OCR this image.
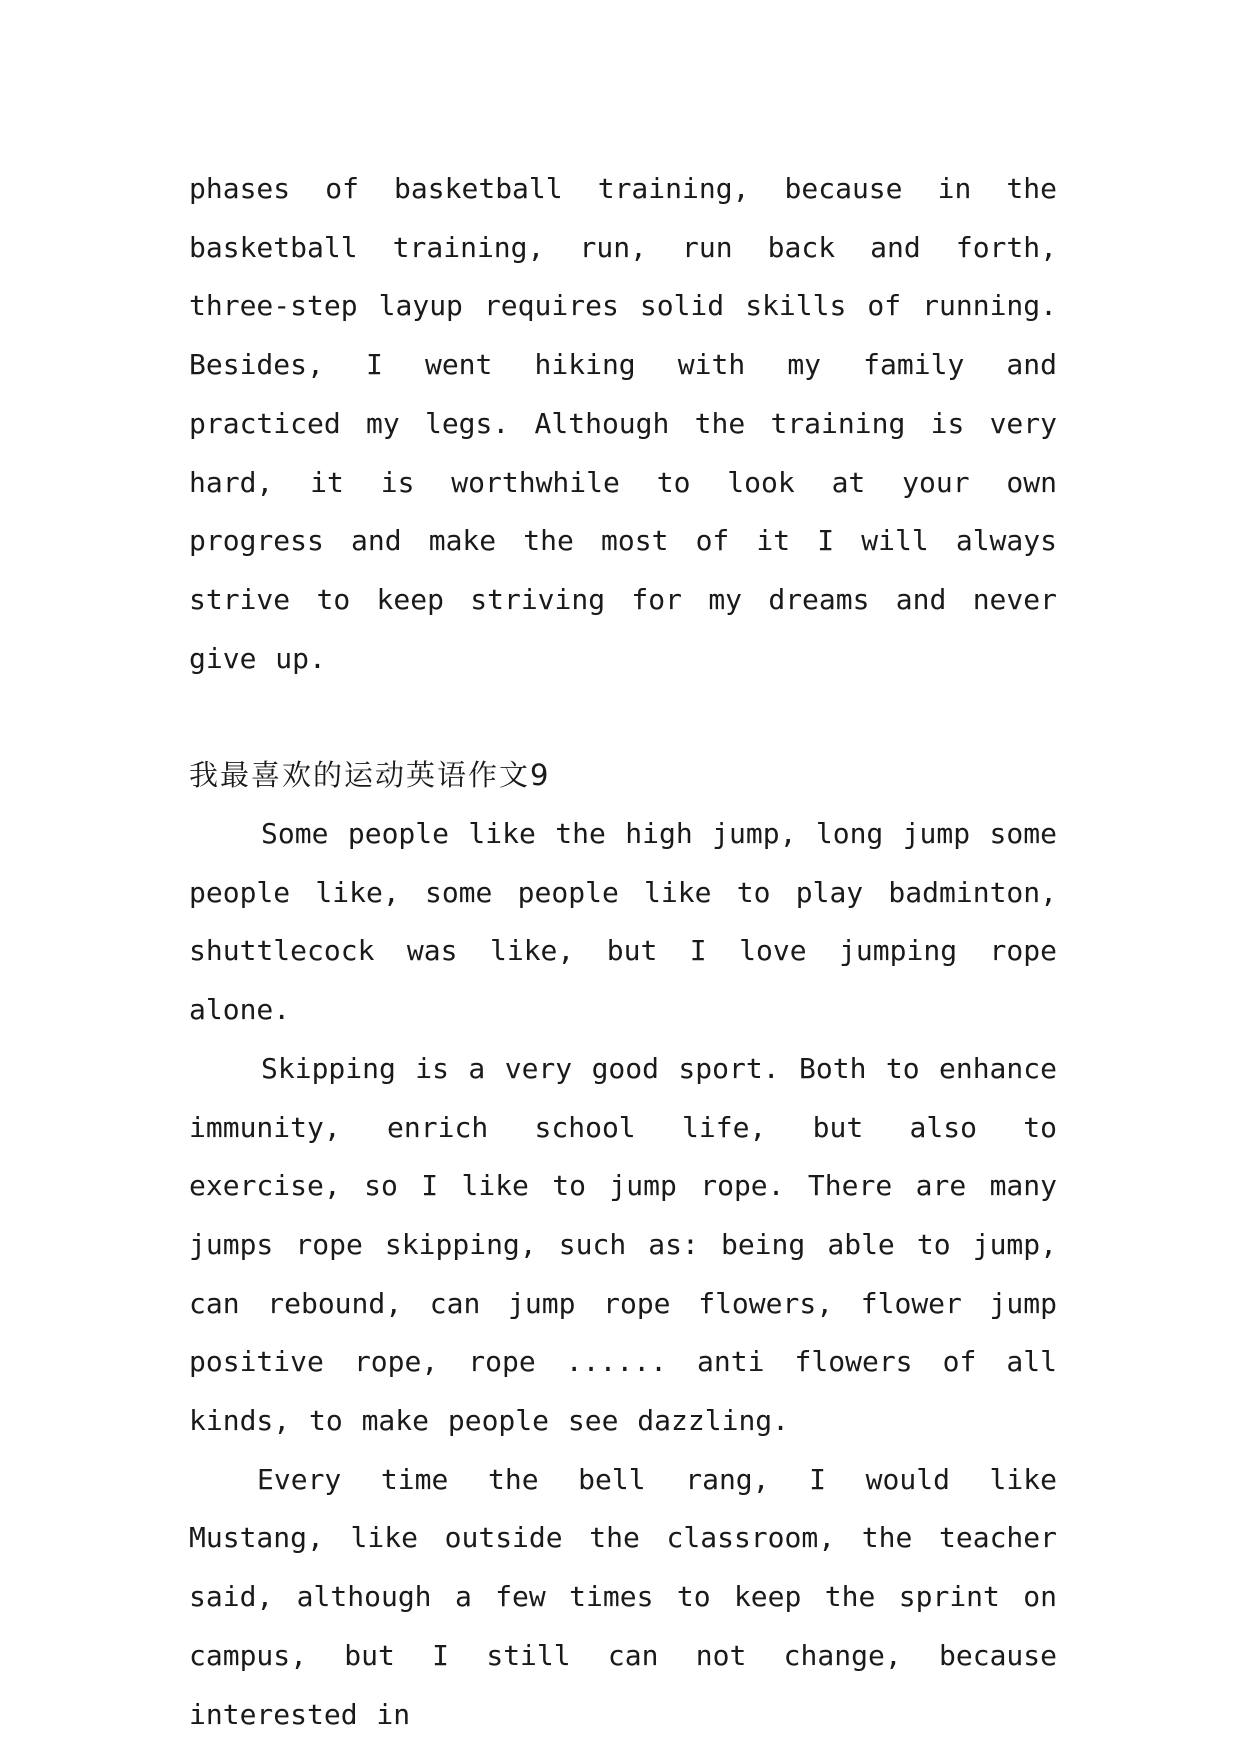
phases of basketball training, because in the basketball training, run, run back and forth, three-step layup requires solid skills of running. Besides, I went hiking with my family and practiced my legs. Although the training is very hard, it is worthwhile to look at your own progress and make the most of it I will always strive to keep striving for my dreams and never give up.

我最喜欢的运动英语作文9

Some people like the high jump, long jump some people like, some people like to play badminton, shuttlecock was like, but I love jumping rope alone.

Skipping is a very good sport. Both to enhance immunity, enrich school life, but also to exercise, so I like to jump rope. There are many jumps rope skipping, such as: being able to jump, can rebound, can jump rope flowers, flower jump positive rope, rope ...... anti flowers of all kinds, to make people see dazzling.

Every time the bell rang, I would like Mustang, like outside the classroom, the teacher said, although a few times to keep the sprint on campus, but I still can not change, because interested in
